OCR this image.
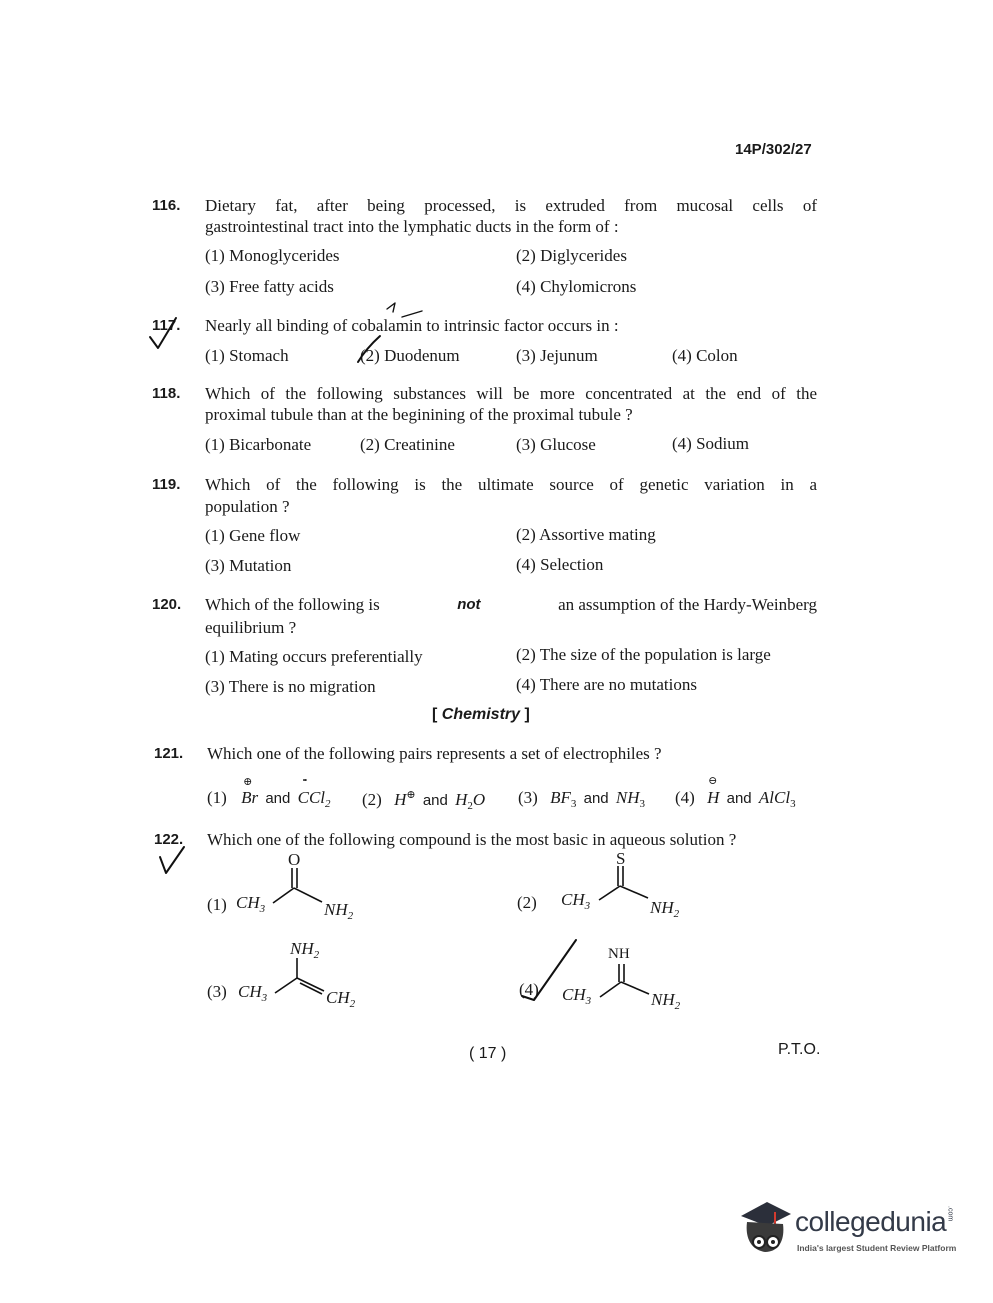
14P/302/27
116. Dietary fat, after being processed, is extruded from mucosal cells of
gastrointestinal tract into the lymphatic ducts in the form of :
(1) Monoglycerides	(2) Diglycerides
(3) Free fatty acids	(4) Chylomicrons
117. Nearly all binding of cobalamin to intrinsic factor occurs in :
(1) Stomach	(2) Duodenum	(3) Jejunum	(4) Colon
118. Which of the following substances will be more concentrated at the end of the
proximal tubule than at the beginining of the proximal tubule ?
(1) Bicarbonate	(2) Creatinine	(3) Glucose	(4) Sodium
119. Which of the following is the ultimate source of genetic variation in a
population ?
(1) Gene flow	(2) Assortive mating
(3) Mutation	(4) Selection
120. Which of the following is	not	an assumption of the Hardy-Weinberg
equilibrium ?
(1) Mating occurs preferentially	(2) The size of the population is large
(3) There is no migration	(4) There are no mutations
[ Chemistry ]
121. Which one of the following pairs represents a set of electrophiles ?
(1)
⊕
Br and
••
CCl$_2$ (2) H⊕ and $H_2O$ (3) $BF_3$ and $NH_3$ (4)
⊖
H and AlCl$_3$
122. Which one of the following compound is the most basic in aqueous solution ?
(1)
O
$CH_3$	$NH_2$
(2)
S
$CH_3$	$NH_2$
(3)
$NH_2$
$CH_3$	$CH_2$
(4)
NH
$CH_3$	$NH_2$
( 17 )	P.T.O.
collegedunia.com
India's largest Student Review Platform
